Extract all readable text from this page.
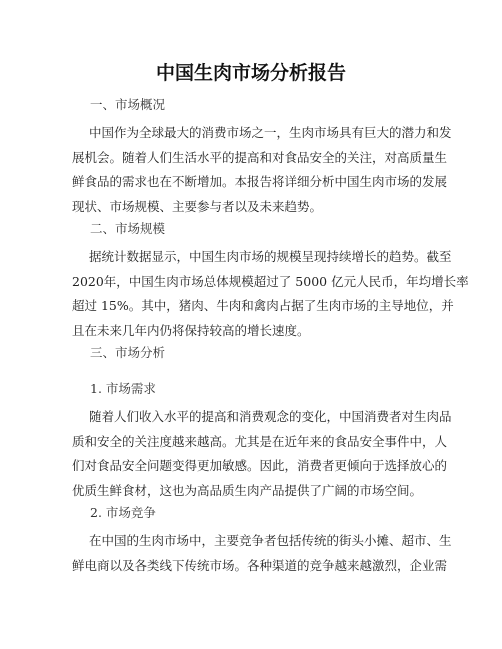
中国生肉市场分析报告
一、市场概况

中国作为全球最大的消费市场之一，生肉市场具有巨大的潜力和发
展机会。随着人们生活水平的提高和对食品安全的关注，对高质量生
鲜食品的需求也在不断增加。本报告将详细分析中国生肉市场的发展
现状、市场规模、主要参与者以及未来趋势。

二、市场规模

据统计数据显示，中国生肉市场的规模呈现持续增长的趋势。截至
2020年，中国生肉市场总体规模超过了 5000 亿元人民币，年均增长率
超过 15%。其中，猪肉、牛肉和禽肉占据了生肉市场的主导地位，并
且在未来几年内仍将保持较高的增长速度。

三、市场分析
1. 市场需求

随着人们收入水平的提高和消费观念的变化，中国消费者对生肉品
质和安全的关注度越来越高。尤其是在近年来的食品安全事件中，人
们对食品安全问题变得更加敏感。因此，消费者更倾向于选择放心的
优质生鲜食材，这也为高品质生肉产品提供了广阔的市场空间。

2. 市场竞争

在中国的生肉市场中，主要竞争者包括传统的街头小摊、超市、生
鲜电商以及各类线下传统市场。各种渠道的竞争越来越激烈，企业需
